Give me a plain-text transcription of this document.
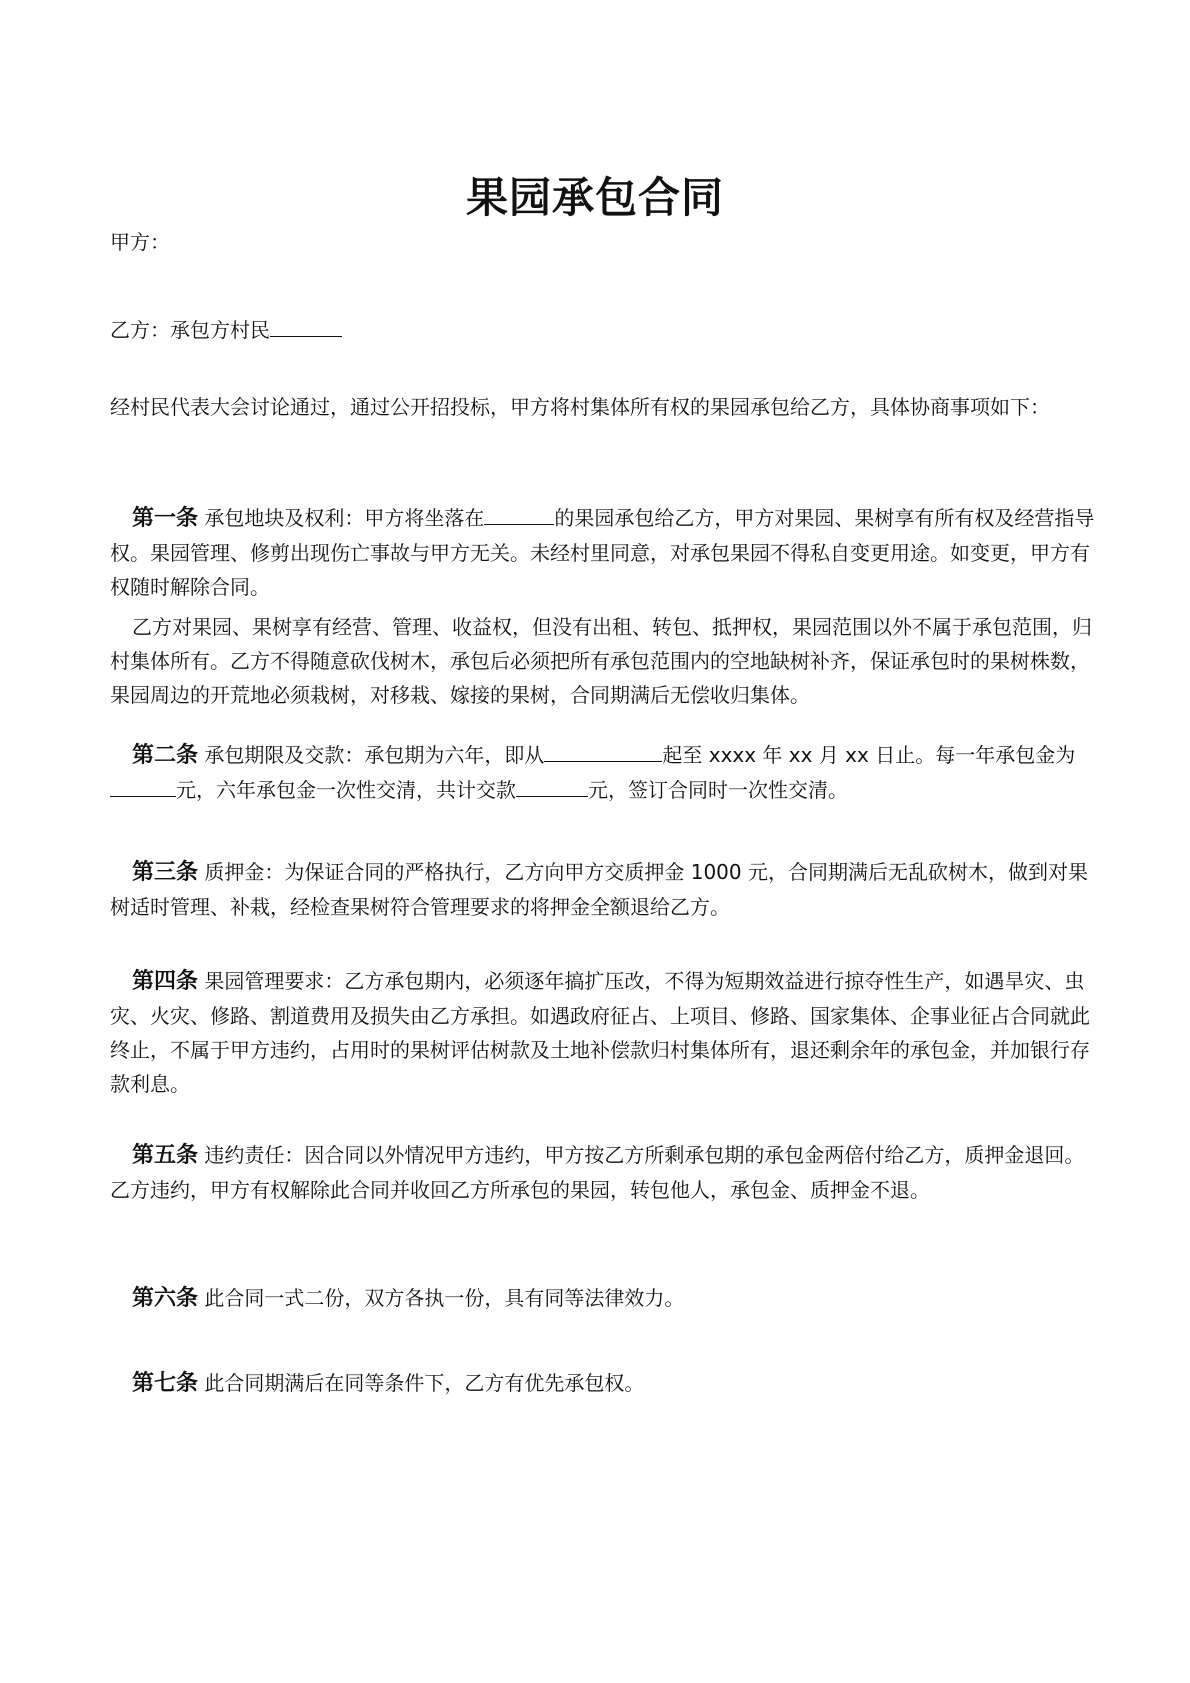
果园承包合同
甲方：
乙方：承包方村民

经村民代表大会讨论通过，通过公开招投标，甲方将村集体所有权的果园承包给乙方，具体协商事项如下：

第一条 承包地块及权利：甲方将坐落在	的果园承包给乙方，甲方对果园、果树享有所有权及经营指导权。果园管理、修剪出现伤亡事故与甲方无关。未经村里同意，对承包果园不得私自变更用途。如变更，甲方有权随时解除合同。

乙方对果园、果树享有经营、管理、收益权，但没有出租、转包、抵押权，果园范围以外不属于承包范围，归村集体所有。乙方不得随意砍伐树木，承包后必须把所有承包范围内的空地缺树补齐，保证承包时的果树株数，果园周边的开荒地必须栽树，对移栽、嫁接的果树，合同期满后无偿收归集体。

第二条 承包期限及交款：承包期为六年，即从	起至 xxxx 年 xx 月 xx 日止。每一年承包金为元，六年承包金一次性交清，共计交款	元，签订合同时一次性交清。

第三条 质押金：为保证合同的严格执行，乙方向甲方交质押金 1000 元，合同期满后无乱砍树木，做到对果树适时管理、补栽，经检查果树符合管理要求的将押金全额退给乙方。

第四条 果园管理要求：乙方承包期内，必须逐年搞扩压改，不得为短期效益进行掠夺性生产，如遇旱灾、虫灾、火灾、修路、割道费用及损失由乙方承担。如遇政府征占、上项目、修路、国家集体、企事业征占合同就此终止，不属于甲方违约，占用时的果树评估树款及土地补偿款归村集体所有，退还剩余年的承包金，并加银行存款利息。

第五条 违约责任：因合同以外情况甲方违约，甲方按乙方所剩承包期的承包金两倍付给乙方，质押金退回。乙方违约，甲方有权解除此合同并收回乙方所承包的果园，转包他人，承包金、质押金不退。

第六条 此合同一式二份，双方各执一份，具有同等法律效力。

第七条 此合同期满后在同等条件下，乙方有优先承包权。
